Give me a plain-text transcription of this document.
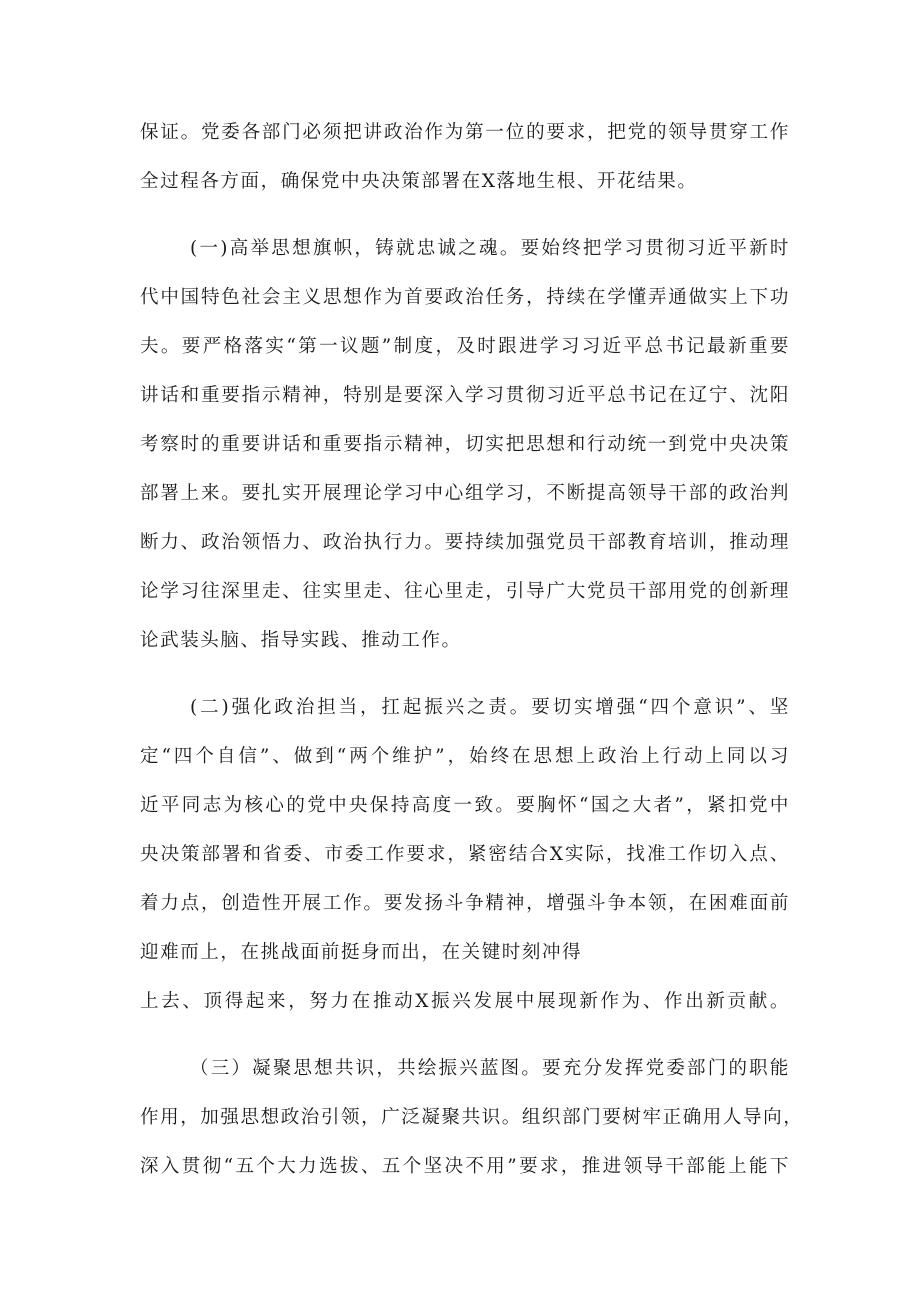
保证。党委各部门必须把讲政治作为第一位的要求，把党的领导贯穿工作

全过程各方面，确保党中央决策部署在X落地生根、开花结果。

(一)高举思想旗帜，铸就忠诚之魂。要始终把学习贯彻习近平新时

代中国特色社会主义思想作为首要政治任务，持续在学懂弄通做实上下功

夫。要严格落实“第一议题”制度，及时跟进学习习近平总书记最新重要

讲话和重要指示精神，特别是要深入学习贯彻习近平总书记在辽宁、沈阳

考察时的重要讲话和重要指示精神，切实把思想和行动统一到党中央决策

部署上来。要扎实开展理论学习中心组学习，不断提高领导干部的政治判

断力、政治领悟力、政治执行力。要持续加强党员干部教育培训，推动理

论学习往深里走、往实里走、往心里走，引导广大党员干部用党的创新理

论武装头脑、指导实践、推动工作。

(二)强化政治担当，扛起振兴之责。要切实增强“四个意识”、坚

定“四个自信”、做到“两个维护”，始终在思想上政治上行动上同以习

近平同志为核心的党中央保持高度一致。要胸怀“国之大者”，紧扣党中

央决策部署和省委、市委工作要求，紧密结合X实际，找准工作切入点、

着力点，创造性开展工作。要发扬斗争精神，增强斗争本领，在困难面前

迎难而上，在挑战面前挺身而出，在关键时刻冲得

上去、顶得起来，努力在推动X振兴发展中展现新作为、作出新贡献。

（三）凝聚思想共识，共绘振兴蓝图。要充分发挥党委部门的职能

作用，加强思想政治引领，广泛凝聚共识。组织部门要树牢正确用人导向，

深入贯彻“五个大力选拔、五个坚决不用”要求，推进领导干部能上能下
